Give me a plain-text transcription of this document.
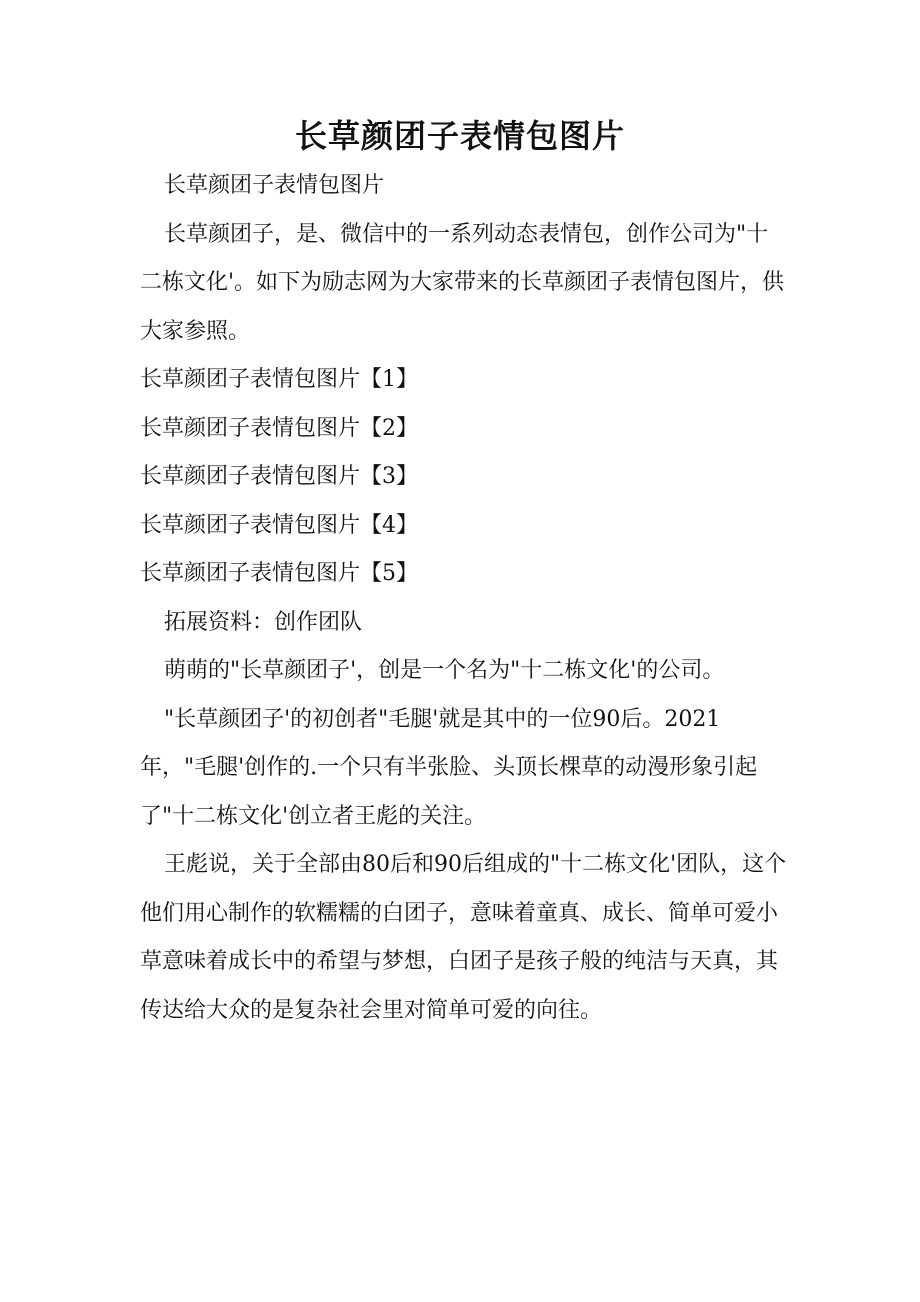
长草颜团子表情包图片

长草颜团子表情包图片

长草颜团子，是、微信中的一系列动态表情包，创作公司为"十二栋文化'。如下为励志网为大家带来的长草颜团子表情包图片，供大家参照。

长草颜团子表情包图片【1】

长草颜团子表情包图片【2】

长草颜团子表情包图片【3】

长草颜团子表情包图片【4】

长草颜团子表情包图片【5】

拓展资料：创作团队

萌萌的"长草颜团子'，创是一个名为"十二栋文化'的公司。

"长草颜团子'的初创者"毛腿'就是其中的一位90后。2021年，"毛腿'创作的.一个只有半张脸、头顶长棵草的动漫形象引起了"十二栋文化'创立者王彪的关注。

王彪说，关于全部由80后和90后组成的"十二栋文化'团队，这个他们用心制作的软糯糯的白团子，意味着童真、成长、简单可爱小草意味着成长中的希望与梦想，白团子是孩子般的纯洁与天真，其传达给大众的是复杂社会里对简单可爱的向往。
